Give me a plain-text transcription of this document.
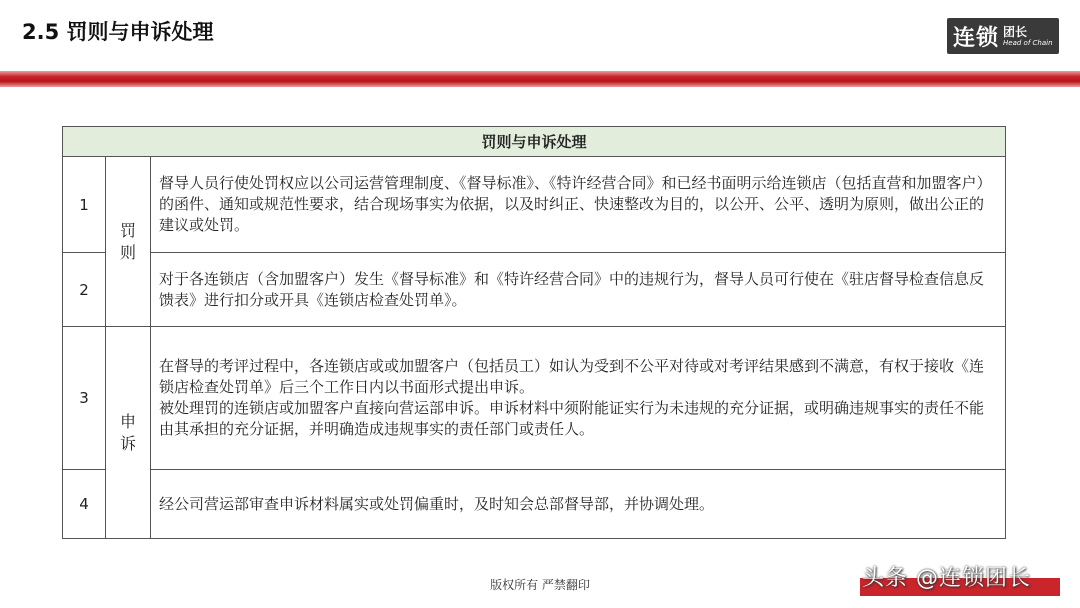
2.5 罚则与申诉处理	连锁 团长
Head of Chain
罚则与申诉处理		
1	罚则	督导人员行使处罚权应以公司运营管理制度、《督导标准》、《特许经营合同》和已经书面明示给连锁店（包括直营和加盟客户）的函件、通知或规范性要求，结合现场事实为依据，以及时纠正、快速整改为目的，以公开、公平、透明为原则，做出公正的建议或处罚。
2		对于各连锁店（含加盟客户）发生《督导标准》和《特许经营合同》中的违规行为，督导人员可行使在《驻店督导检查信息反馈表》进行扣分或开具《连锁店检查处罚单》。
3	申诉	在督导的考评过程中，各连锁店或或加盟客户（包括员工）如认为受到不公平对待或对考评结果感到不满意，有权于接收《连锁店检查处罚单》后三个工作日内以书面形式提出申诉。
被处理罚的连锁店或加盟客户直接向营运部申诉。申诉材料中须附能证实行为未违规的充分证据，或明确违规事实的责任不能由其承担的充分证据，并明确造成违规事实的责任部门或责任人。

4		经公司营运部审查申诉材料属实或处罚偏重时，及时知会总部督导部，并协调处理。
版权所有 严禁翻印	头条 @连锁团长
